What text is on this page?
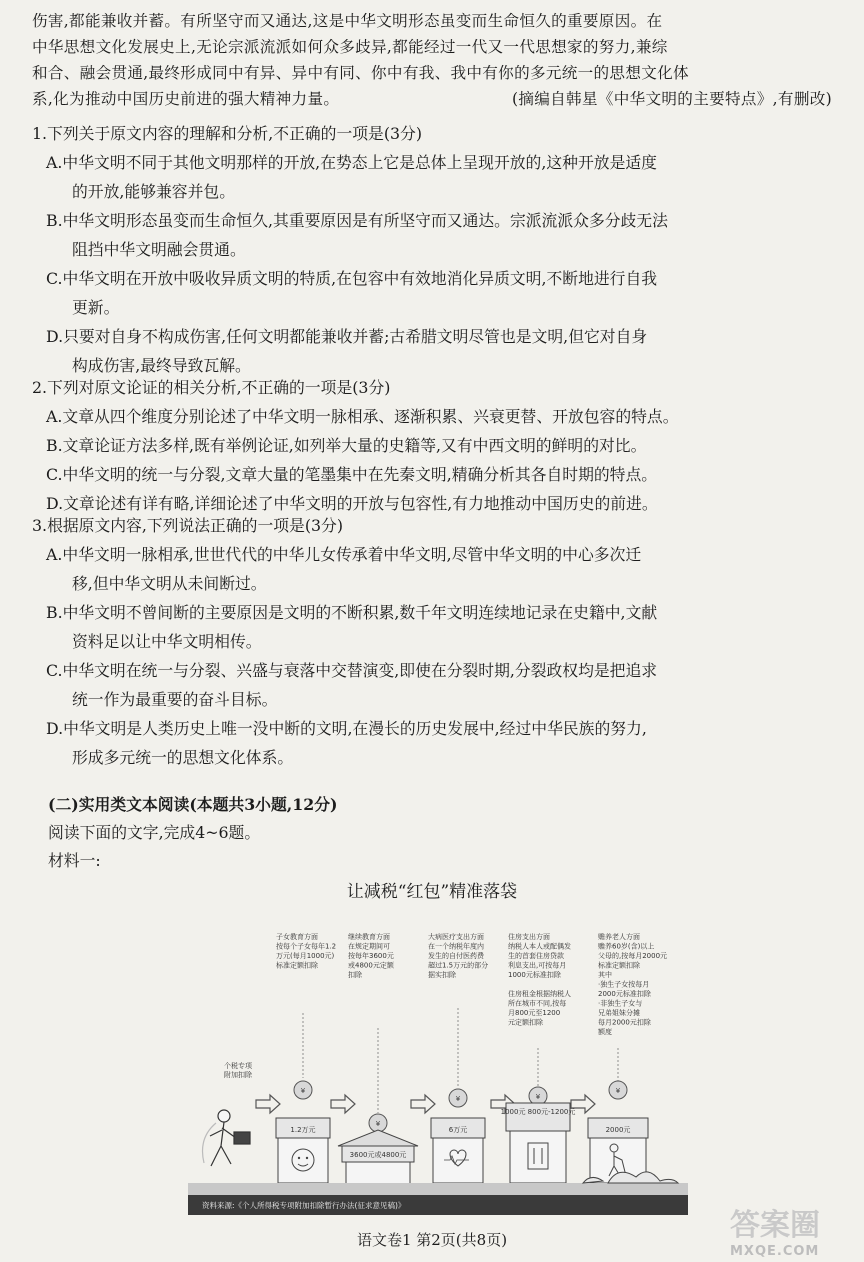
伤害,都能兼收并蓄。有所坚守而又通达,这是中华文明形态虽变而生命恒久的重要原因。在
中华思想文化发展史上,无论宗派流派如何众多歧异,都能经过一代又一代思想家的努力,兼综
和合、融会贯通,最终形成同中有异、异中有同、你中有我、我中有你的多元统一的思想文化体
系,化为推动中国历史前进的强大精神力量。	(摘编自韩星《中华文明的主要特点》,有删改)
1.下列关于原文内容的理解和分析,不正确的一项是(3分)
A.中华文明不同于其他文明那样的开放,在势态上它是总体上呈现开放的,这种开放是适度
的开放,能够兼容并包。
B.中华文明形态虽变而生命恒久,其重要原因是有所坚守而又通达。宗派流派众多分歧无法
阻挡中华文明融会贯通。
C.中华文明在开放中吸收异质文明的特质,在包容中有效地消化异质文明,不断地进行自我
更新。
D.只要对自身不构成伤害,任何文明都能兼收并蓄;古希腊文明尽管也是文明,但它对自身
构成伤害,最终导致瓦解。
2.下列对原文论证的相关分析,不正确的一项是(3分)
A.文章从四个维度分别论述了中华文明一脉相承、逐渐积累、兴衰更替、开放包容的特点。
B.文章论证方法多样,既有举例论证,如列举大量的史籍等,又有中西文明的鲜明的对比。
C.中华文明的统一与分裂,文章大量的笔墨集中在先秦文明,精确分析其各自时期的特点。
D.文章论述有详有略,详细论述了中华文明的开放与包容性,有力地推动中国历史的前进。
3.根据原文内容,下列说法正确的一项是(3分)
A.中华文明一脉相承,世世代代的中华儿女传承着中华文明,尽管中华文明的中心多次迁
移,但中华文明从未间断过。
B.中华文明不曾间断的主要原因是文明的不断积累,数千年文明连续地记录在史籍中,文献
资料足以让中华文明相传。
C.中华文明在统一与分裂、兴盛与衰落中交替演变,即使在分裂时期,分裂政权均是把追求
统一作为最重要的奋斗目标。
D.中华文明是人类历史上唯一没中断的文明,在漫长的历史发展中,经过中华民族的努力,
形成多元统一的思想文化体系。
(二)实用类文本阅读(本题共3小题,12分)
阅读下面的文字,完成4~6题。
材料一:
让减税“红包”精准落袋
个税专项
附加扣除
子女教育方面
按每个子女每年1.2
万元(每月1000元)
标准定额扣除
继续教育方面
在规定期间可
按每年3600元
或4800元定额
扣除
大病医疗支出方面
在一个纳税年度内
发生的自付医药费
超过1.5万元的部分
据实扣除
住房支出方面
纳税人本人或配偶发
生的首套住房贷款
利息支出,可按每月
1000元标准扣除
住房租金根据纳税人
所在城市不同,按每
月800元至1200
元定额扣除
赡养老人方面
赡养60岁(含)以上
父母的,按每月2000元
标准定额扣除
其中
·独生子女按每月
2000元标准扣除
·非独生子女与
兄弟姐妹分摊
每月2000元扣除
额度
¥
¥
¥	¥
¥
1.2万元
3600元或4800元
6万元
1000元 800元-1200元
2000元
资料来源:《个人所得税专项附加扣除暂行办法(征求意见稿)》
语文卷1 第2页(共8页)	答案圈
MXQE.COM
